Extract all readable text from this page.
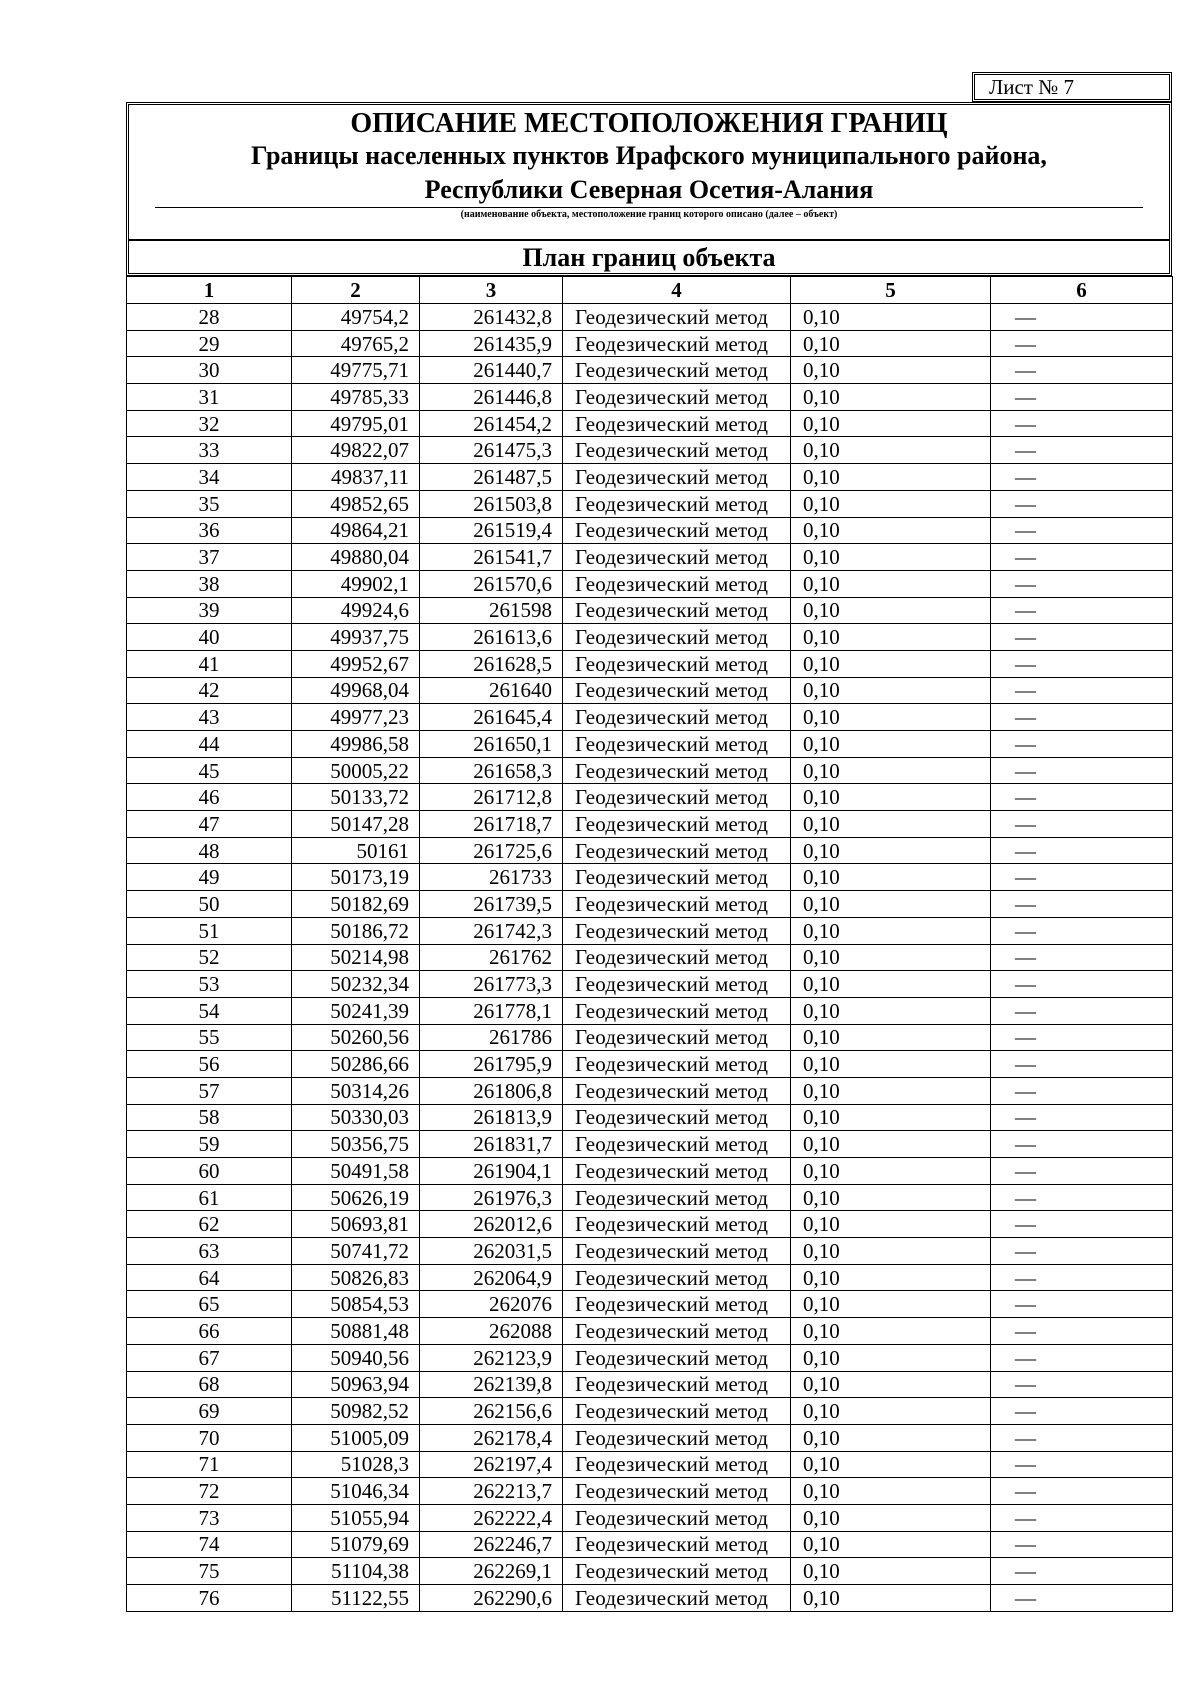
Лист № 7
ОПИСАНИЕ МЕСТОПОЛОЖЕНИЯ ГРАНИЦ
Границы населенных пунктов Ирафского муниципального района,
Республики Северная Осетия-Алания
(наименование объекта, местоположение границ которого описано (далее – объект)
План границ объекта
1	2	3	4	5	6
28	49754,2	261432,8	Геодезический метод	0,10	—
29	49765,2	261435,9	Геодезический метод	0,10	—
30	49775,71	261440,7	Геодезический метод	0,10	—
31	49785,33	261446,8	Геодезический метод	0,10	—
32	49795,01	261454,2	Геодезический метод	0,10	—
33	49822,07	261475,3	Геодезический метод	0,10	—
34	49837,11	261487,5	Геодезический метод	0,10	—
35	49852,65	261503,8	Геодезический метод	0,10	—
36	49864,21	261519,4	Геодезический метод	0,10	—
37	49880,04	261541,7	Геодезический метод	0,10	—
38	49902,1	261570,6	Геодезический метод	0,10	—
39	49924,6	261598	Геодезический метод	0,10	—
40	49937,75	261613,6	Геодезический метод	0,10	—
41	49952,67	261628,5	Геодезический метод	0,10	—
42	49968,04	261640	Геодезический метод	0,10	—
43	49977,23	261645,4	Геодезический метод	0,10	—
44	49986,58	261650,1	Геодезический метод	0,10	—
45	50005,22	261658,3	Геодезический метод	0,10	—
46	50133,72	261712,8	Геодезический метод	0,10	—
47	50147,28	261718,7	Геодезический метод	0,10	—
48	50161	261725,6	Геодезический метод	0,10	—
49	50173,19	261733	Геодезический метод	0,10	—
50	50182,69	261739,5	Геодезический метод	0,10	—
51	50186,72	261742,3	Геодезический метод	0,10	—
52	50214,98	261762	Геодезический метод	0,10	—
53	50232,34	261773,3	Геодезический метод	0,10	—
54	50241,39	261778,1	Геодезический метод	0,10	—
55	50260,56	261786	Геодезический метод	0,10	—
56	50286,66	261795,9	Геодезический метод	0,10	—
57	50314,26	261806,8	Геодезический метод	0,10	—
58	50330,03	261813,9	Геодезический метод	0,10	—
59	50356,75	261831,7	Геодезический метод	0,10	—
60	50491,58	261904,1	Геодезический метод	0,10	—
61	50626,19	261976,3	Геодезический метод	0,10	—
62	50693,81	262012,6	Геодезический метод	0,10	—
63	50741,72	262031,5	Геодезический метод	0,10	—
64	50826,83	262064,9	Геодезический метод	0,10	—
65	50854,53	262076	Геодезический метод	0,10	—
66	50881,48	262088	Геодезический метод	0,10	—
67	50940,56	262123,9	Геодезический метод	0,10	—
68	50963,94	262139,8	Геодезический метод	0,10	—
69	50982,52	262156,6	Геодезический метод	0,10	—
70	51005,09	262178,4	Геодезический метод	0,10	—
71	51028,3	262197,4	Геодезический метод	0,10	—
72	51046,34	262213,7	Геодезический метод	0,10	—
73	51055,94	262222,4	Геодезический метод	0,10	—
74	51079,69	262246,7	Геодезический метод	0,10	—
75	51104,38	262269,1	Геодезический метод	0,10	—
76	51122,55	262290,6	Геодезический метод	0,10	—
